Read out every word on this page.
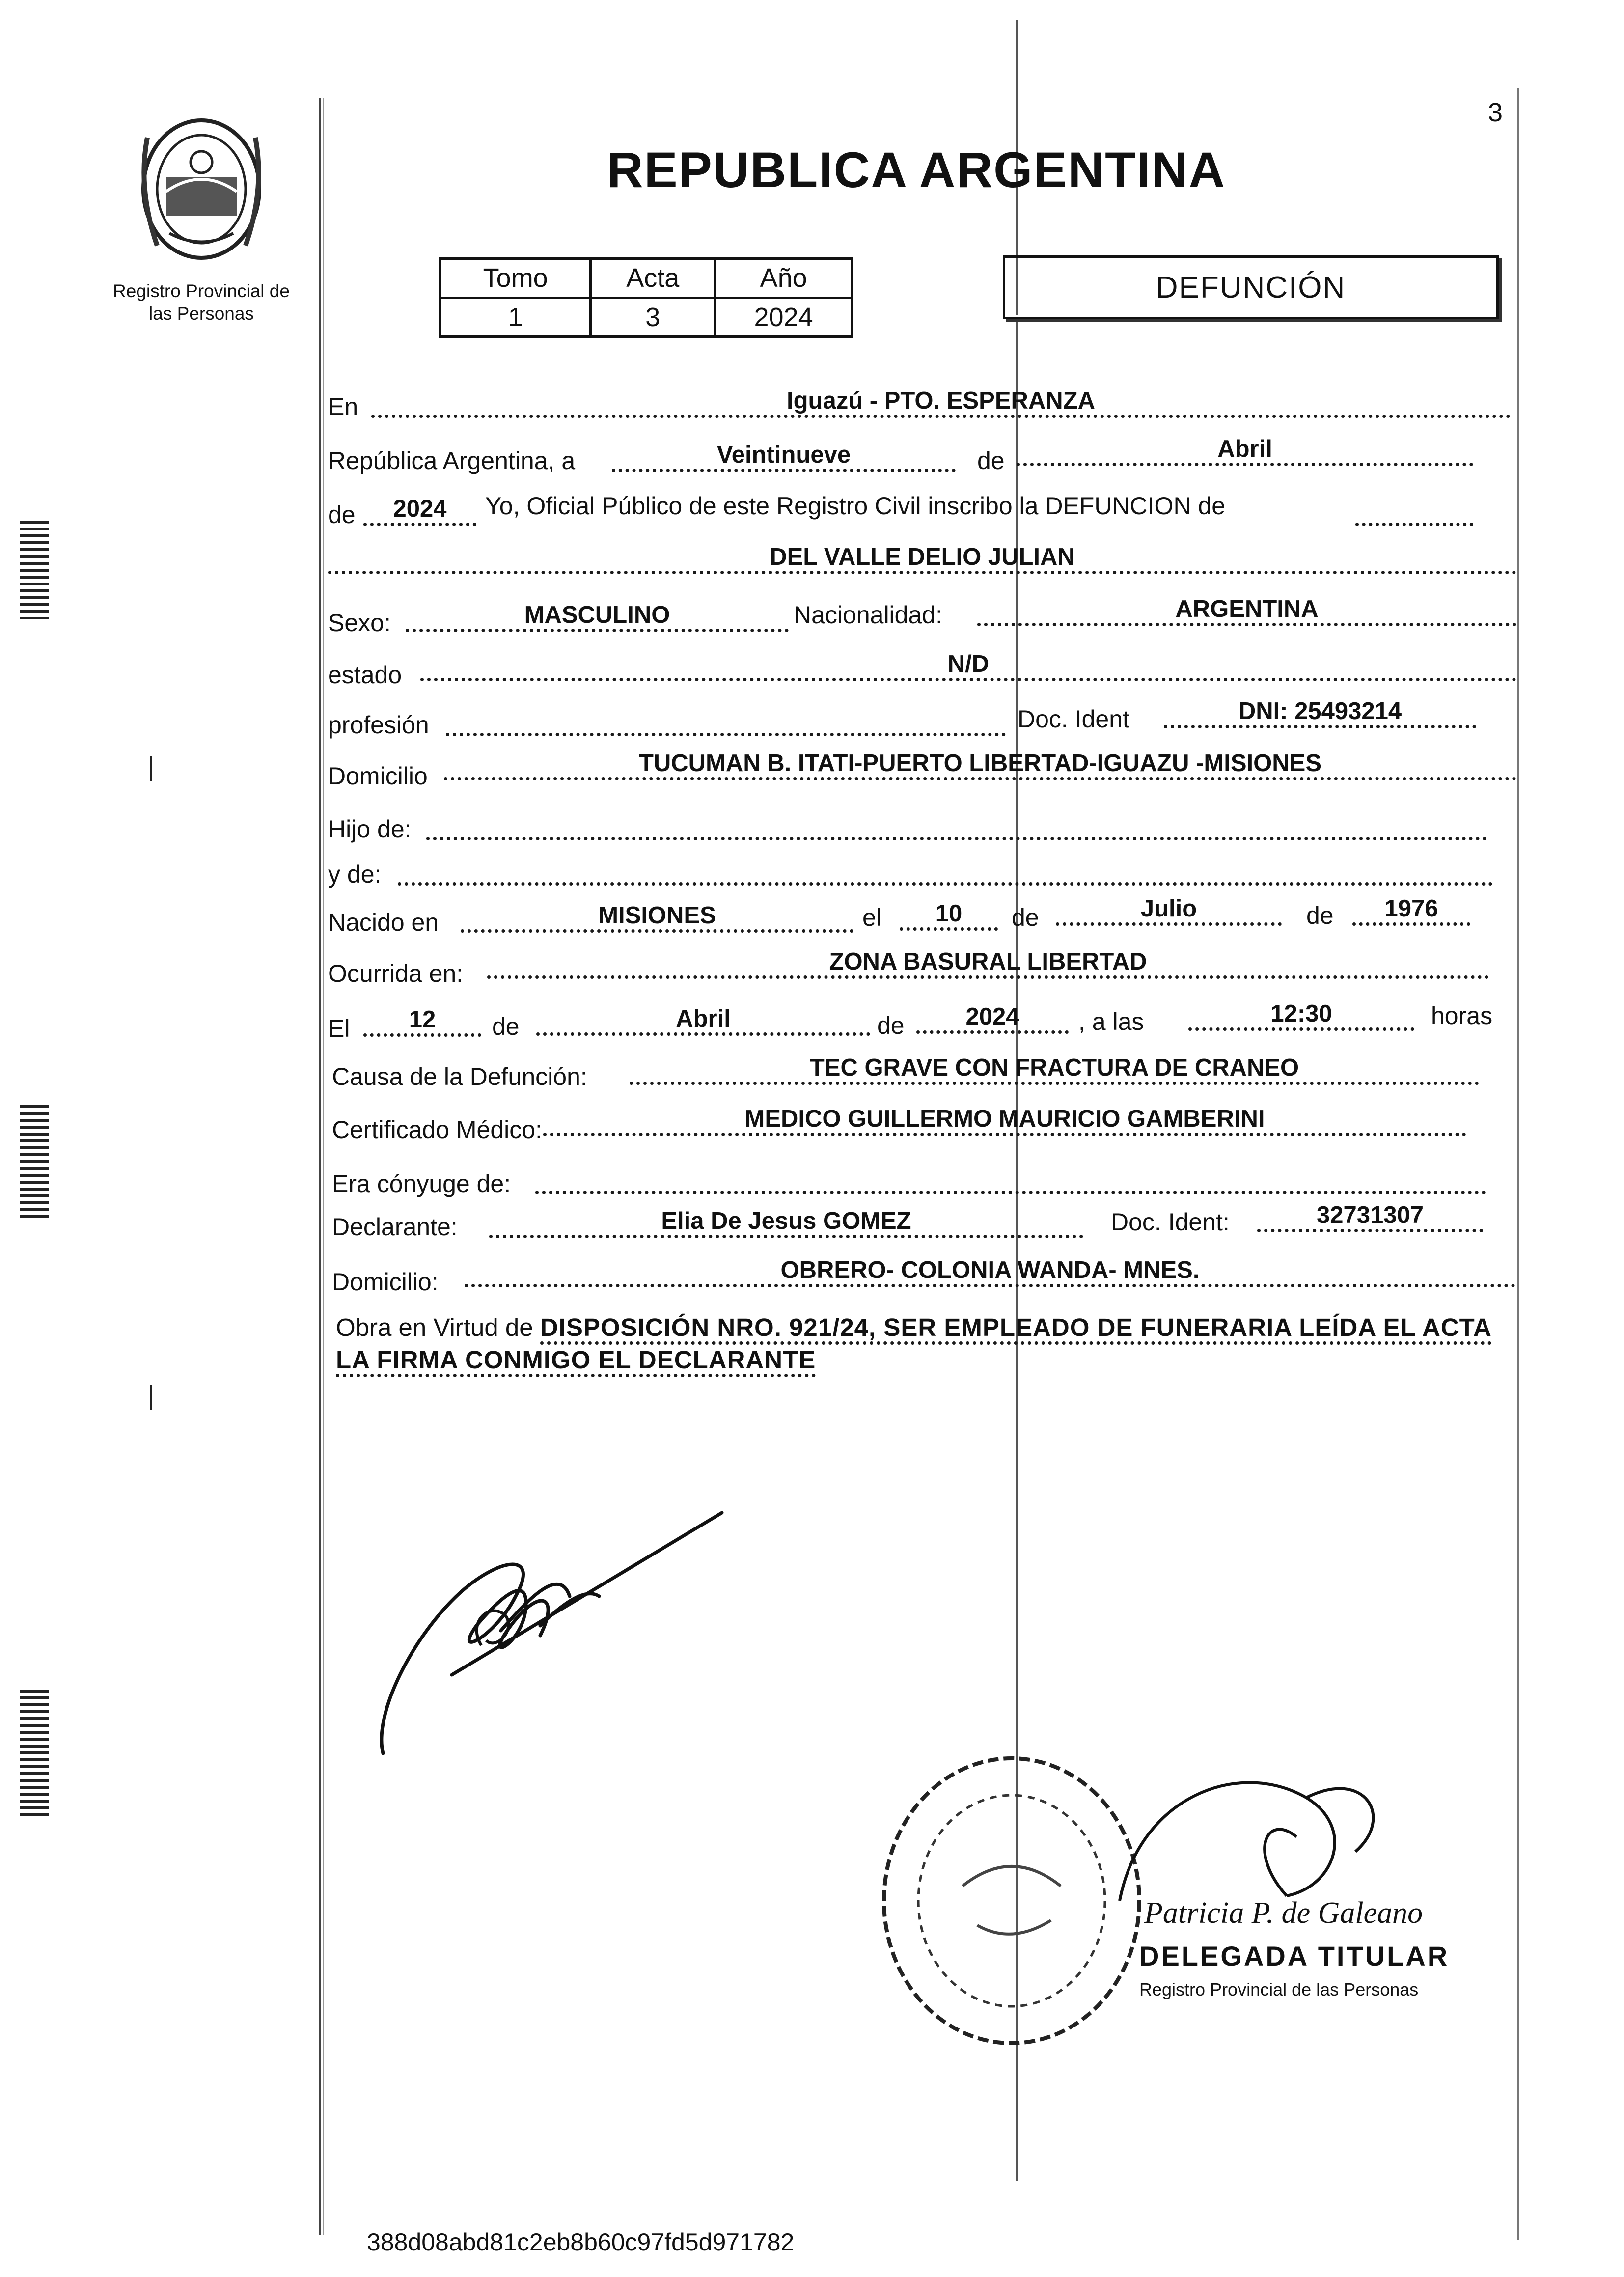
3
Registro Provincial de las Personas
REPUBLICA ARGENTINA
Tomo	Acta	Año
1	3	2024
DEFUNCIÓN
En	Iguazú - PTO. ESPERANZA
República Argentina, a	Veintinueve	de	Abril
de	2024	Yo, Oficial Público de este Registro Civil inscribo la DEFUNCION de
DEL VALLE DELIO JULIAN
Sexo:	MASCULINO	Nacionalidad:	ARGENTINA
estado	N/D
profesión	Doc. Ident	DNI: 25493214
Domicilio	TUCUMAN B. ITATI-PUERTO LIBERTAD-IGUAZU -MISIONES
Hijo de:
y de:
Nacido en	MISIONES	el	10	de	Julio	de	1976
Ocurrida en:	ZONA BASURAL LIBERTAD
El	12	de	Abril	de	2024	, a las	12:30	horas
Causa de la Defunción:	TEC GRAVE CON FRACTURA DE CRANEO
Certificado Médico:	MEDICO GUILLERMO MAURICIO GAMBERINI
Era cónyuge de:
Declarante:	Elia De Jesus GOMEZ	Doc. Ident:	32731307
Domicilio:	OBRERO- COLONIA WANDA- MNES.
Obra en Virtud de DISPOSICIÓN NRO. 921/24, SER EMPLEADO DE FUNERARIA LEÍDA EL ACTA LA FIRMA CONMIGO EL DECLARANTE
Patricia P. de Galeano
DELEGADA TITULAR
Registro Provincial de las Personas
388d08abd81c2eb8b60c97fd5d971782
